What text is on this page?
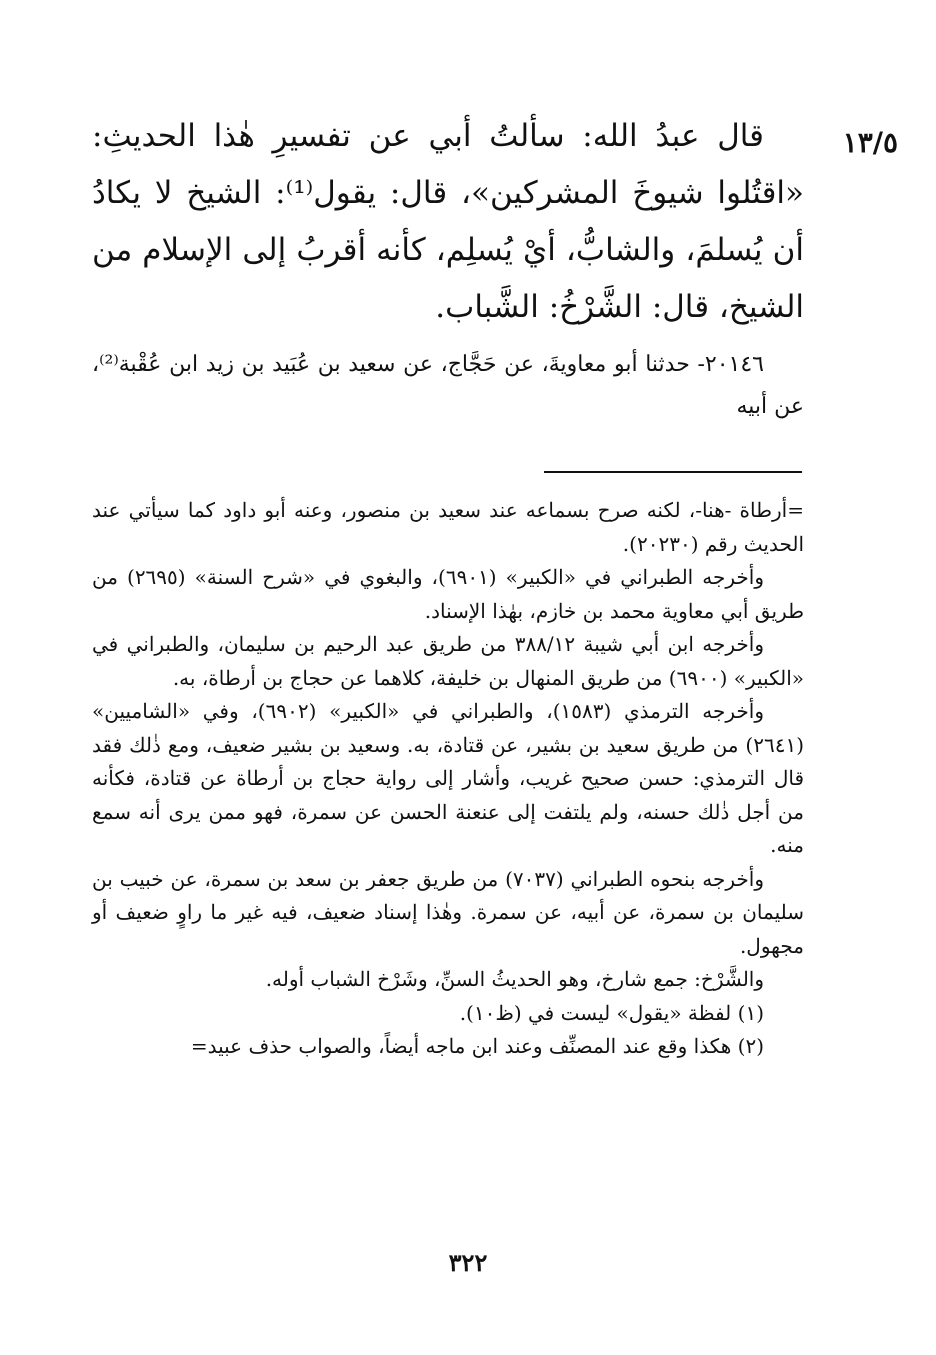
١٣/٥

قال عبدُ الله: سألتُ أبي عن تفسيرِ هٰذا الحديثِ: «اقتُلوا شيوخَ المشركين»، قال: يقول⁽¹⁾: الشيخ لا يكادُ أن يُسلمَ، والشابُّ، أيْ يُسلِم، كأنه أقربُ إلى الإسلام من الشيخ، قال: الشَّرْخُ: الشَّباب.

٢٠١٤٦- حدثنا أبو معاويةَ، عن حَجَّاج، عن سعيد بن عُبَيد بن زيد ابن عُقْبة⁽²⁾، عن أبيه

=أرطاة -هنا-، لكنه صرح بسماعه عند سعيد بن منصور، وعنه أبو داود كما سيأتي عند الحديث رقم (٢٠٢٣٠).

وأخرجه الطبراني في «الكبير» (٦٩٠١)، والبغوي في «شرح السنة» (٢٦٩٥) من طريق أبي معاوية محمد بن خازم، بهٰذا الإسناد.

وأخرجه ابن أبي شيبة ٣٨٨/١٢ من طريق عبد الرحيم بن سليمان، والطبراني في «الكبير» (٦٩٠٠) من طريق المنهال بن خليفة، كلاهما عن حجاج بن أرطاة، به.

وأخرجه الترمذي (١٥٨٣)، والطبراني في «الكبير» (٦٩٠٢)، وفي «الشاميين» (٢٦٤١) من طريق سعيد بن بشير، عن قتادة، به. وسعيد بن بشير ضعيف، ومع ذٰلك فقد قال الترمذي: حسن صحيح غريب، وأشار إلى رواية حجاج بن أرطاة عن قتادة، فكأنه من أجل ذٰلك حسنه، ولم يلتفت إلى عنعنة الحسن عن سمرة، فهو ممن يرى أنه سمع منه.

وأخرجه بنحوه الطبراني (٧٠٣٧) من طريق جعفر بن سعد بن سمرة، عن خبيب بن سليمان بن سمرة، عن أبيه، عن سمرة. وهٰذا إسناد ضعيف، فيه غير ما راوٍ ضعيف أو مجهول.

والشَّرْخ: جمع شارخ، وهو الحديثُ السنِّ، وشَرْخ الشباب أوله.

(١) لفظة «يقول» ليست في (ظ١٠).

(٢) هكذا وقع عند المصنِّف وعند ابن ماجه أيضاً، والصواب حذف عبيد=

٣٢٢
